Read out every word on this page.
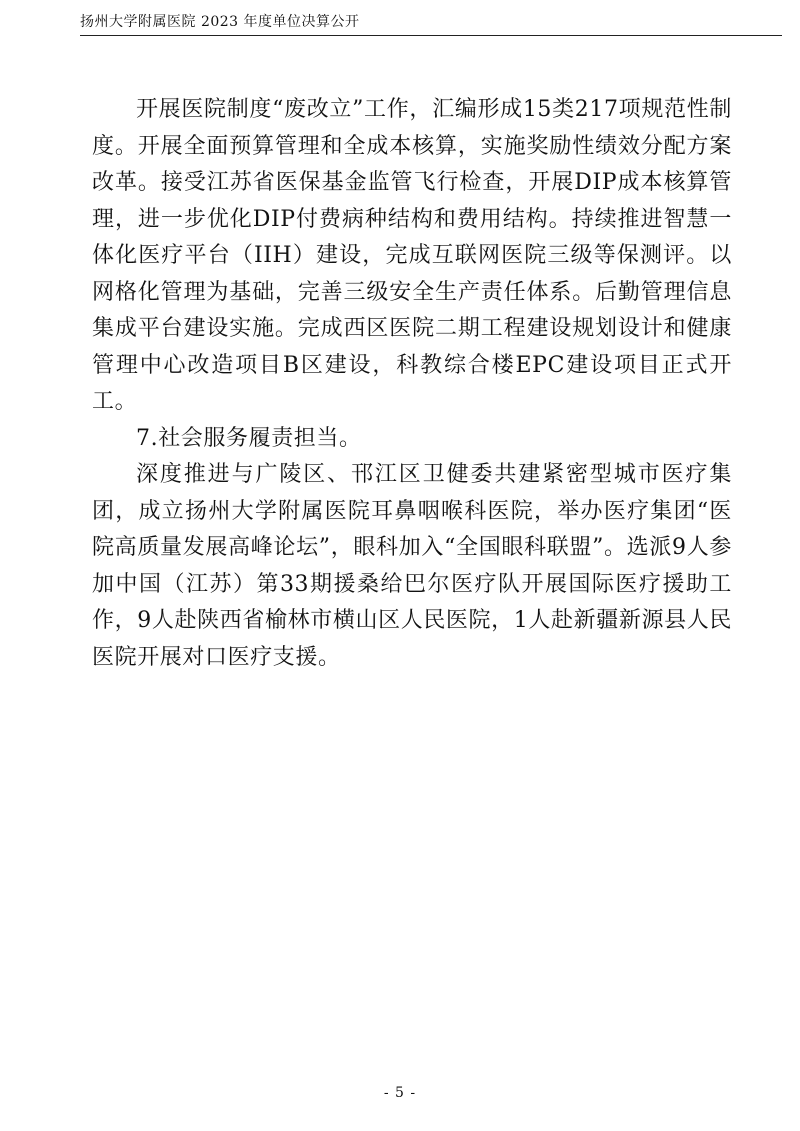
扬州大学附属医院 2023 年度单位决算公开

开展医院制度“废改立”工作，汇编形成15类217项规范性制度。开展全面预算管理和全成本核算，实施奖励性绩效分配方案改革。接受江苏省医保基金监管飞行检查，开展DIP成本核算管理，进一步优化DIP付费病种结构和费用结构。持续推进智慧一体化医疗平台（IIH）建设，完成互联网医院三级等保测评。以网格化管理为基础，完善三级安全生产责任体系。后勤管理信息集成平台建设实施。完成西区医院二期工程建设规划设计和健康管理中心改造项目B区建设，科教综合楼EPC建设项目正式开工。

7.社会服务履责担当。

深度推进与广陵区、邗江区卫健委共建紧密型城市医疗集团，成立扬州大学附属医院耳鼻咽喉科医院，举办医疗集团“医院高质量发展高峰论坛”，眼科加入“全国眼科联盟”。选派9人参加中国（江苏）第33期援桑给巴尔医疗队开展国际医疗援助工作，9人赴陕西省榆林市横山区人民医院，1人赴新疆新源县人民医院开展对口医疗支援。

- 5 -
